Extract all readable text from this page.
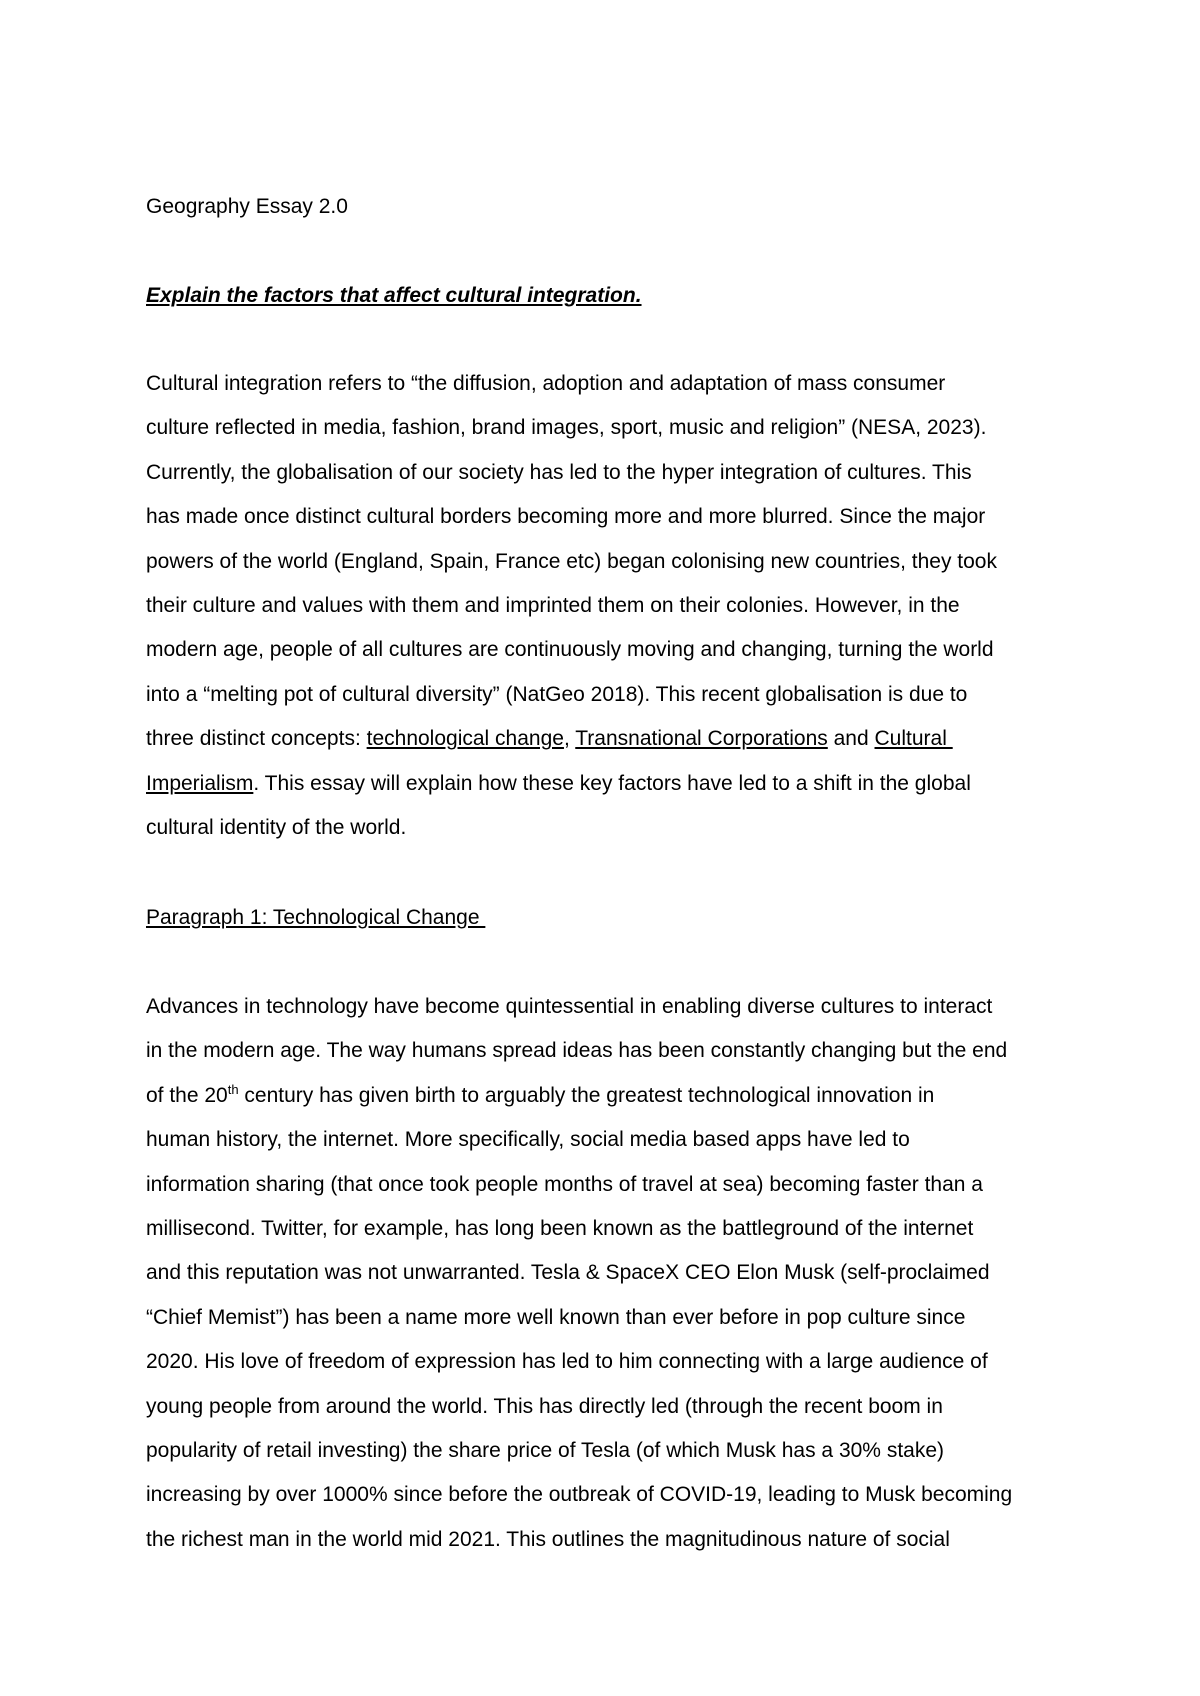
Geography Essay 2.0
Explain the factors that affect cultural integration.
Cultural integration refers to “the diffusion, adoption and adaptation of mass consumer
culture reflected in media, fashion, brand images, sport, music and religion” (NESA, 2023).
Currently, the globalisation of our society has led to the hyper integration of cultures. This
has made once distinct cultural borders becoming more and more blurred. Since the major
powers of the world (England, Spain, France etc) began colonising new countries, they took
their culture and values with them and imprinted them on their colonies. However, in the
modern age, people of all cultures are continuously moving and changing, turning the world
into a “melting pot of cultural diversity” (NatGeo 2018). This recent globalisation is due to
three distinct concepts: technological change, Transnational Corporations and Cultural
Imperialism. This essay will explain how these key factors have led to a shift in the global
cultural identity of the world.
Paragraph 1: Technological Change
Advances in technology have become quintessential in enabling diverse cultures to interact
in the modern age. The way humans spread ideas has been constantly changing but the end
of the 20th century has given birth to arguably the greatest technological innovation in
human history, the internet. More specifically, social media based apps have led to
information sharing (that once took people months of travel at sea) becoming faster than a
millisecond. Twitter, for example, has long been known as the battleground of the internet
and this reputation was not unwarranted. Tesla & SpaceX CEO Elon Musk (self-proclaimed
“Chief Memist”) has been a name more well known than ever before in pop culture since
2020. His love of freedom of expression has led to him connecting with a large audience of
young people from around the world. This has directly led (through the recent boom in
popularity of retail investing) the share price of Tesla (of which Musk has a 30% stake)
increasing by over 1000% since before the outbreak of COVID-19, leading to Musk becoming
the richest man in the world mid 2021. This outlines the magnitudinous nature of social
